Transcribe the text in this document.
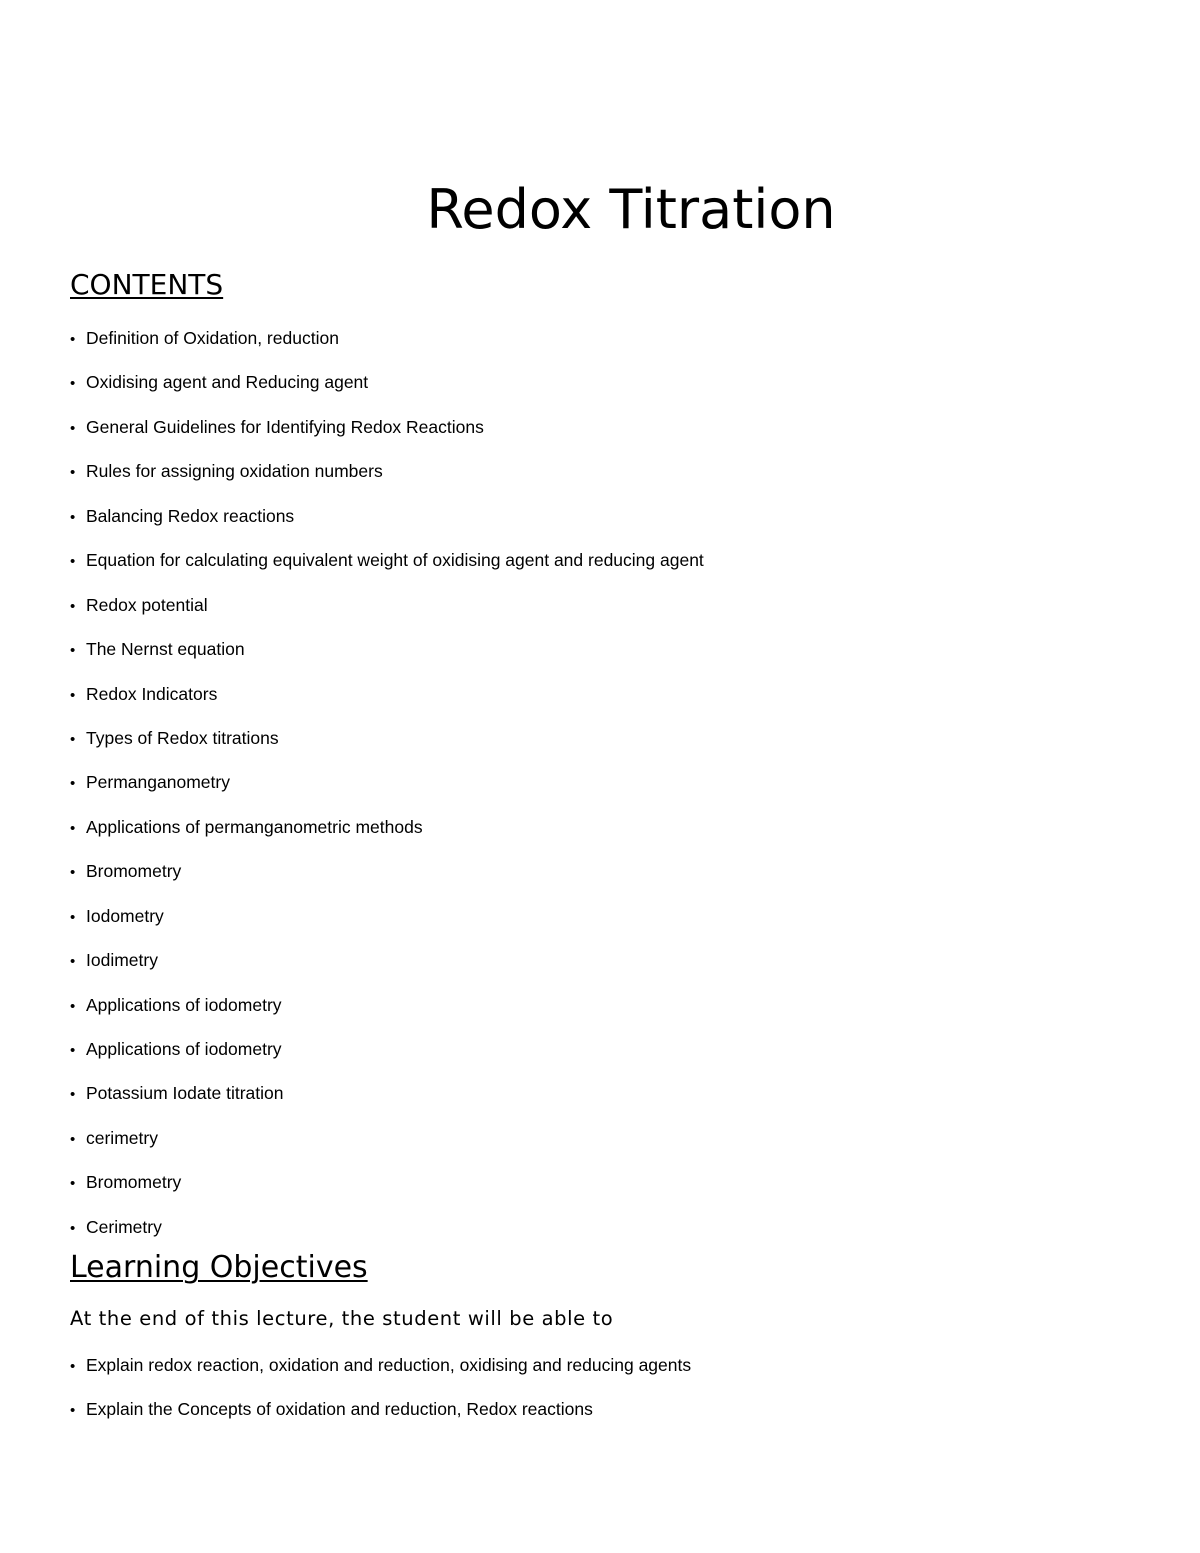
Redox Titration
CONTENTS
• Definition of Oxidation, reduction
• Oxidising agent and Reducing agent
• General Guidelines for Identifying Redox Reactions
• Rules for assigning oxidation numbers
• Balancing Redox reactions
• Equation for calculating equivalent weight of oxidising agent and reducing agent
• Redox potential
• The Nernst equation
• Redox Indicators
• Types of Redox titrations
• Permanganometry
• Applications of permanganometric methods
• Bromometry
• Iodometry
• Iodimetry
• Applications of iodometry
• Applications of iodometry
• Potassium Iodate titration
• cerimetry
• Bromometry
• Cerimetry
Learning Objectives

At the end of this lecture, the student will be able to

• Explain redox reaction, oxidation and reduction, oxidising and reducing agents
• Explain the Concepts of oxidation and reduction, Redox reactions
